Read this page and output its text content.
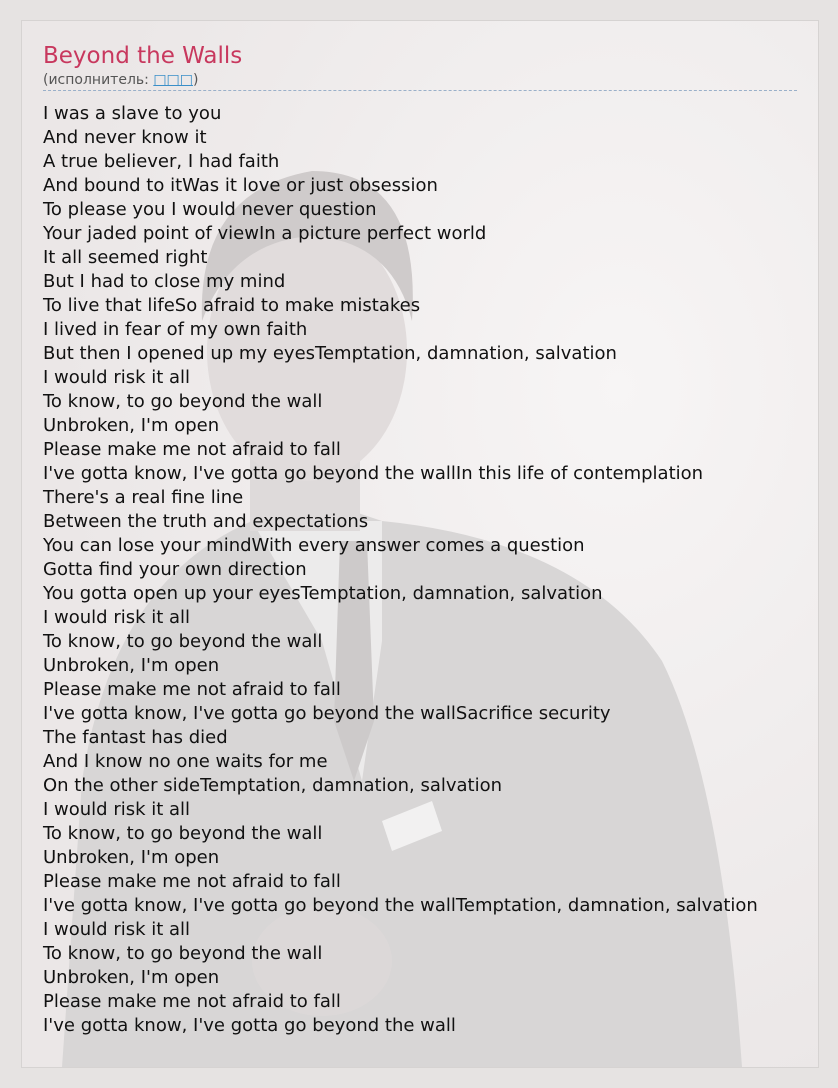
Beyond the Walls
(исполнитель: □□□)
I was a slave to you
And never know it
A true believer, I had faith
And bound to itWas it love or just obsession
To please you I would never question
Your jaded point of viewIn a picture perfect world
It all seemed right
But I had to close my mind
To live that lifeSo afraid to make mistakes
I lived in fear of my own faith
But then I opened up my eyesTemptation, damnation, salvation
I would risk it all
To know, to go beyond the wall
Unbroken, I'm open
Please make me not afraid to fall
I've gotta know, I've gotta go beyond the wallIn this life of contemplation
There's a real fine line
Between the truth and expectations
You can lose your mindWith every answer comes a question
Gotta find your own direction
You gotta open up your eyesTemptation, damnation, salvation
I would risk it all
To know, to go beyond the wall
Unbroken, I'm open
Please make me not afraid to fall
I've gotta know, I've gotta go beyond the wallSacrifice security
The fantast has died
And I know no one waits for me
On the other sideTemptation, damnation, salvation
I would risk it all
To know, to go beyond the wall
Unbroken, I'm open
Please make me not afraid to fall
I've gotta know, I've gotta go beyond the wallTemptation, damnation, salvation
I would risk it all
To know, to go beyond the wall
Unbroken, I'm open
Please make me not afraid to fall
I've gotta know, I've gotta go beyond the wall
